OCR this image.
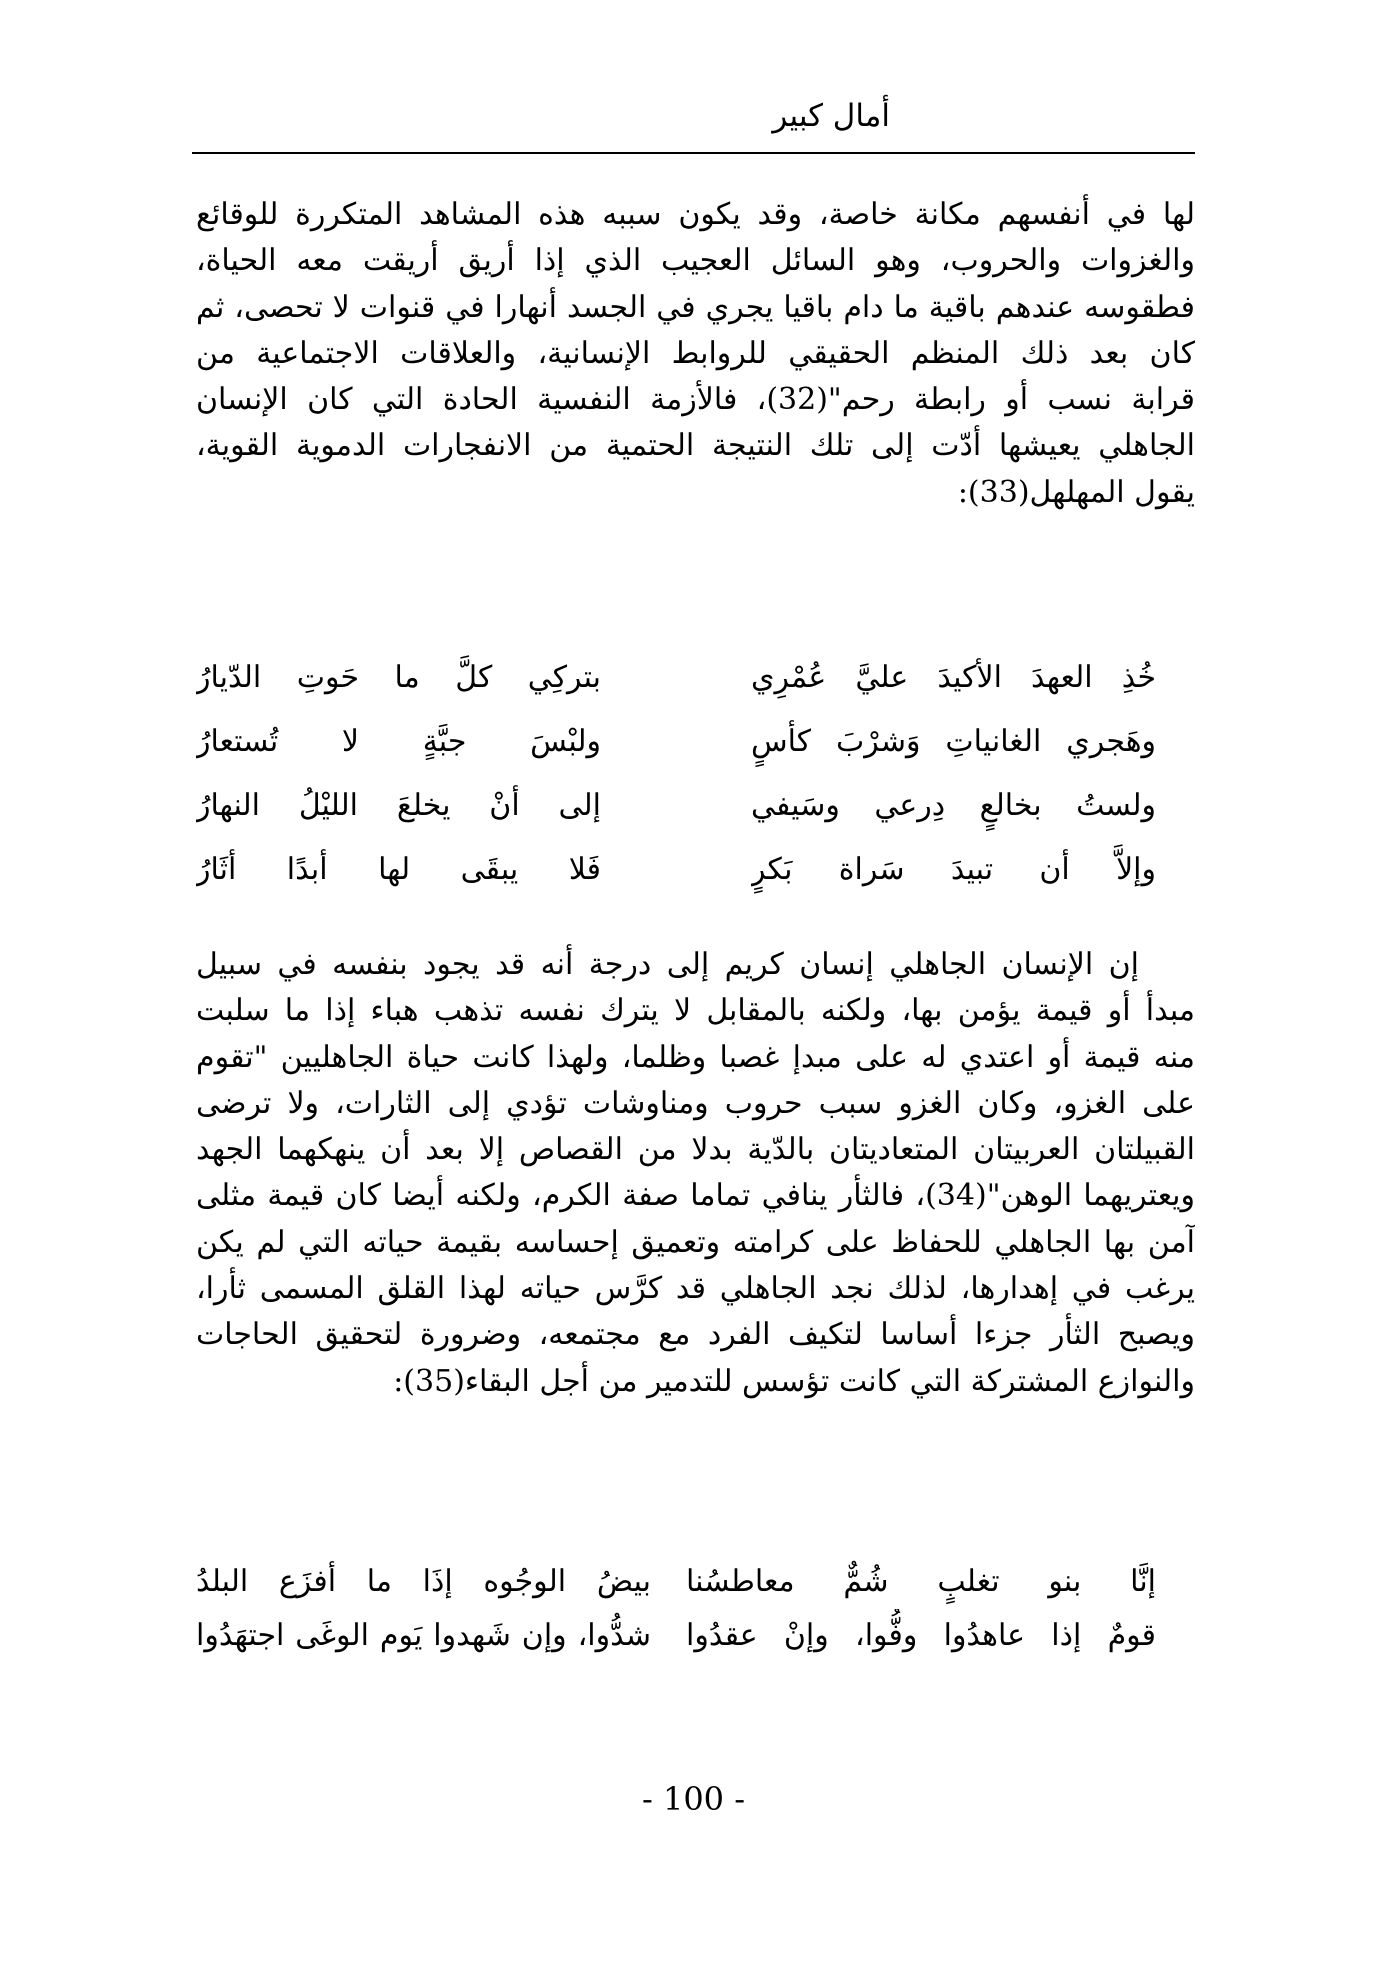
أمال كبير
لها في أنفسهم مكانة خاصة، وقد يكون سببه هذه المشاهد المتكررة للوقائع
والغزوات والحروب، وهو السائل العجيب الذي إذا أريق أريقت معه الحياة،
فطقوسه عندهم باقية ما دام باقيا يجري في الجسد أنهارا في قنوات لا تحصى، ثم
كان بعد ذلك المنظم الحقيقي للروابط الإنسانية، والعلاقات الاجتماعية من
قرابة نسب أو رابطة رحم"(32)، فالأزمة النفسية الحادة التي كان الإنسان
الجاهلي يعيشها أدّت إلى تلك النتيجة الحتمية من الانفجارات الدموية القوية،
يقول المهلهل(33):
خُذِ العهدَ الأكيدَ عليَّ عُمْرِي
بتركِي كلَّ ما حَوتِ الدّيارُ
وهَجري الغانياتِ وَشرْبَ كأسٍ
ولبْسَ جبَّةٍ لا تُستعارُ
ولستُ بخالعٍ دِرعي وسَيفي
إلى أنْ يخلعَ الليْلُ النهارُ
وإلاَّ أن تبيدَ سَراة بَكرٍ
فَلا يبقَى لها أبدًا أثَارُ
إن الإنسان الجاهلي إنسان كريم إلى درجة أنه قد يجود بنفسه في سبيل
مبدأ أو قيمة يؤمن بها، ولكنه بالمقابل لا يترك نفسه تذهب هباء إذا ما سلبت
منه قيمة أو اعتدي له على مبدإ غصبا وظلما، ولهذا كانت حياة الجاهليين "تقوم
على الغزو، وكان الغزو سبب حروب ومناوشات تؤدي إلى الثارات، ولا ترضى
القبيلتان العربيتان المتعاديتان بالدّية بدلا من القصاص إلا بعد أن ينهكهما الجهد
ويعتريهما الوهن"(34)، فالثأر ينافي تماما صفة الكرم، ولكنه أيضا كان قيمة مثلى
آمن بها الجاهلي للحفاظ على كرامته وتعميق إحساسه بقيمة حياته التي لم يكن
يرغب في إهدارها، لذلك نجد الجاهلي قد كرَّس حياته لهذا القلق المسمى ثأرا،
ويصبح الثأر جزءا أساسا لتكيف الفرد مع مجتمعه، وضرورة لتحقيق الحاجات
والنوازع المشتركة التي كانت تؤسس للتدمير من أجل البقاء(35):
إنَّا بنو تغلبٍ شُمٌّ معاطسُنا
بيضُ الوجُوه إذَا ما أفزَع البلدُ
قومٌ إذا عاهدُوا وفُّوا، وإنْ عقدُوا
شدُّوا، وإن شَهدوا يَوم الوغَى اجتهَدُوا
- 100 -
